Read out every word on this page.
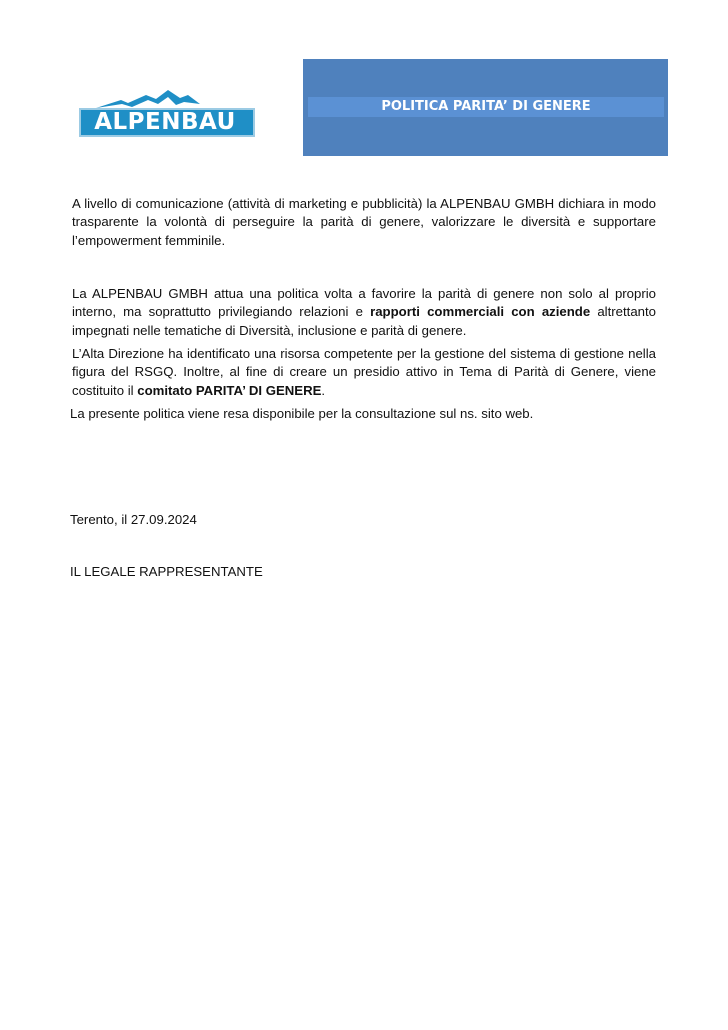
ALPENBAU
POLITICA PARITA’ DI GENERE

A livello di comunicazione (attività di marketing e pubblicità) la ALPENBAU GMBH dichiara in modo trasparente la volontà di perseguire la parità di genere, valorizzare le diversità e supportare l’empowerment femminile.

La ALPENBAU GMBH attua una politica volta a favorire la parità di genere non solo al proprio interno, ma soprattutto privilegiando relazioni e rapporti commerciali con aziende altrettanto impegnati nelle tematiche di Diversità, inclusione e parità di genere.

L’Alta Direzione ha identificato una risorsa competente per la gestione del sistema di gestione nella figura del RSGQ. Inoltre, al fine di creare un presidio attivo in Tema di Parità di Genere, viene costituito il comitato PARITA’ DI GENERE.

La presente politica viene resa disponibile per la consultazione sul ns. sito web.

Terento, il 27.09.2024
IL LEGALE RAPPRESENTANTE
